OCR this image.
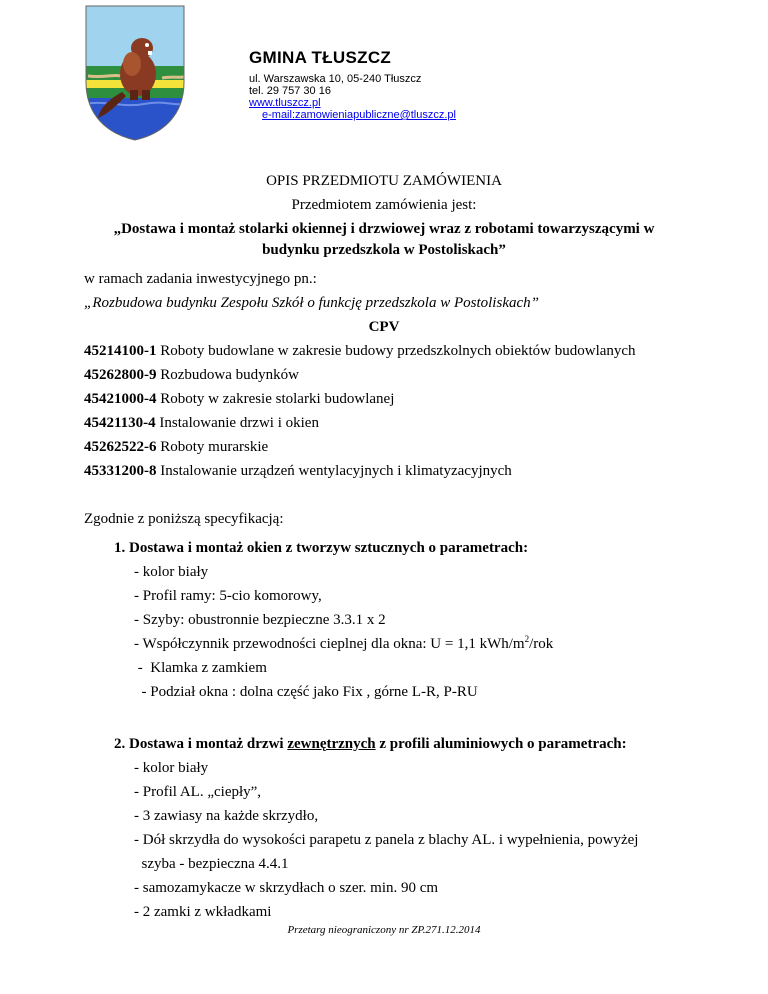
GMINA TŁUSZCZ
ul. Warszawska 10, 05-240 Tłuszcz
tel. 29 757 30 16
www.tluszcz.pl
e-mail:zamowieniapubliczne@tluszcz.pl
OPIS PRZEDMIOTU ZAMÓWIENIA
Przedmiotem zamówienia jest:
„Dostawa i montaż stolarki okiennej i drzwiowej wraz z robotami towarzyszącymi w
budynku przedszkola w Postoliskach”
w ramach zadania inwestycyjnego pn.:
„Rozbudowa budynku Zespołu Szkół o funkcję przedszkola w Postoliskach”
CPV
45214100-1 Roboty budowlane w zakresie budowy przedszkolnych obiektów budowlanych
45262800-9 Rozbudowa budynków
45421000-4 Roboty w zakresie stolarki budowlanej
45421130-4 Instalowanie drzwi i okien
45262522-6 Roboty murarskie
45331200-8 Instalowanie urządzeń wentylacyjnych i klimatyzacyjnych
Zgodnie z poniższą specyfikacją:
1. Dostawa i montaż okien z tworzyw sztucznych o parametrach:
- kolor biały
- Profil ramy: 5-cio komorowy,
- Szyby: obustronnie bezpieczne 3.3.1 x 2
- Współczynnik przewodności cieplnej dla okna: U = 1,1 kWh/$m^2$/rok
-  Klamka z zamkiem
- Podział okna : dolna część jako Fix , górne L-R, P-RU
2. Dostawa i montaż drzwi zewnętrznych z profili aluminiowych o parametrach:
- kolor biały
- Profil AL. „ciepły”,
- 3 zawiasy na każde skrzydło,
- Dół skrzydła do wysokości parapetu z panela z blachy AL. i wypełnienia, powyżej
szyba - bezpieczna 4.4.1
- samozamykacze w skrzydłach o szer. min. 90 cm
- 2 zamki z wkładkami
Przetarg nieograniczony nr ZP.271.12.2014
